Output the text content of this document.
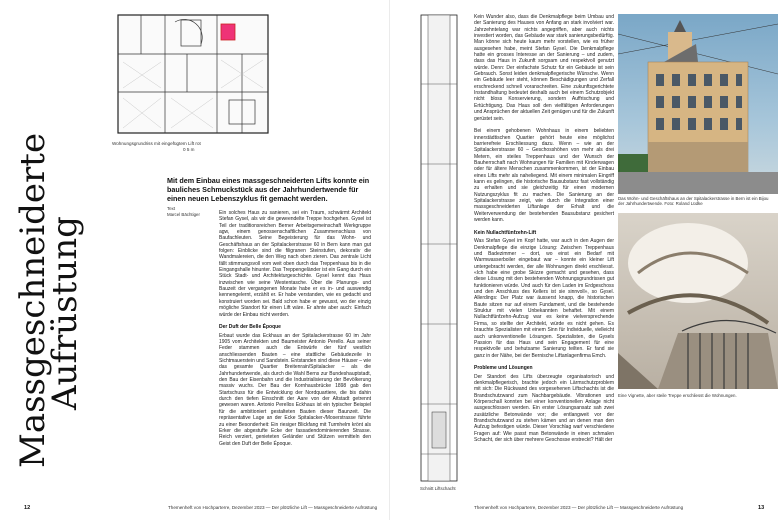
Wohnungsgrundriss mit eingefügtem Lift rot
0 5 m
Massgeschneiderte
Aufrüstung
Mit dem Einbau eines massgeschneiderten Lifts konnte ein bauliches Schmuckstück aus der Jahrhundertwende für einen neuen Lebenszyklus fit gemacht werden.
Text
Marcel Bächtiger	Ein solches Haus zu sanieren, sei ein Traum, schwärmt Architekt Stefan Gysel, als wir die geweendelte Treppe hochgehen. Gysel ist Teil der traditionsreichen Berner Arbeitsgemeinschaft Werkgruppe agw, einem genossenschaftlichen Zusammenschluss von Baufachleuten. Seine Begeisterung für das Wohn- und Geschäftshaus an der Spitalackerstrasse 60 in Bern kann man gut folgen: Einblicke sind die filigranen Steinstufen, dekorativ die Wandmalereien, die den Weg nach oben zieren. Das zentrale Licht fällt stimmungsvoll vom weit oben durch das Treppenhaus bis in die Eingangshalle hinunter. Das Treppengeländer ist ein Gang durch ein Stück Stadt- und Architekturgeschichte. Gysel kennt das Haus inzwischen wie seine Westentasche. Über die Planungs- und Bauzeit der vergangenen Monate habe er es in- und auswendig kennengelernt, erzählt er. Er habe verstanden, wie es gedacht und konstruiert worden sei. Bald schon habe er gewusst, wo der einzig mögliche Standort für einen Lift wäre. Er ahnte aber auch: Einfach würde der Einbau nicht werden.

Der Duft der Belle Époque

Erbaut wurde das Eckhaus an der Spitalackerstrasse 60 im Jahr 1905 vom Architekten und Baumeister Antonio Perello. Aus seiner Feder stammen auch die Entwürfe der fünf westlich anschliessenden Bauten – eine stattliche Gebäudezeile in Sichtmauerstein und Sandstein. Entstanden sind diese Häuser – wie das gesamte Quartier Breitenrain/Spitalacker – als die Jahrhundertwende, als durch die Wahl Berns zur Bundeshauptstadt, den Bau der Eisenbahn und die Industrialisierung der Bevölkerung massiv wuchs. Der Bau der Kornhausbrücke 1898 gab den Startschuss für die Entwicklung der Nordquartiere, die bis dahin durch den tiefen Einschnitt der Aare von der Altstadt getrennt gewesen waren. Antonio Perellos Eckhaus ist ein typischer Beispiel für die ambitioniert gestalteten Bauten dieser Baunzeit. Die repräsentative Lage an der Ecke Spitalacker-/Moserstrasse führte zu einer Besonderheit: Ein riesiger Blickfang mit Turmhelm krönt als Erker die abgestufte Ecke der fassadendominierenden Strasse. Reich verziert, genieteten Geländer und Stützen vermitteln den Geist den Duft der Belle Époque.

12	Themenheft von Hochparterre, Dezember 2023 — Der plötzliche Lift — Massgeschneiderte Aufrüstung
Schnitt Liftschacht

Kein Wunder also, dass die Denkmalpflege beim Umbau und der Sanierung des Hauses von Anfang an stark involviert war. Jahrzehntelang war nichts angegriffen, aber auch nichts investiert worden, das Gebäude war stark sanierungsbedürftig. Man könne sich heute kaum mehr vorstellen, wie es früher ausgesehen habe, meint Stefan Gysel. Die Denkmalpflege hatte ein grosses Interesse an der Sanierung – und zudem, dass das Haus in Zukunft sorgsam und respektvoll genutzt würde. Denn: Der einfachste Schutz für ein Gebäude ist sein Gebrauch. Sonst leiden denkmalpflegerische Wünsche. Wenn ein Gebäude leer steht, können Beschädigungen und Zerfall erschreckend schnell voranschreiten. Eine zukunftsgerichtete Instandhaltung bedeutet deshalb auch bei einem Schutzobjekt nicht bloss Konservierung, sondern Auffrischung und Ertüchtigung. Das Haus soll den vielfältigen Anforderungen und Ansprüchen der aktuellen Zeit genügen und für die Zukunft gerüstet sein.

Bei einem gehobenen Wohnhaus in einem beliebten innerstädtischen Quartier gehört heute eine möglichst barrierefreie Erschliessung dazu. Wenn – wie an der Spitalackerstrasse 60 – Geschosshöhen von mehr als drei Metern, ein steiles Treppenhaus und der Wunsch der Bauherrschaft nach Wohnungen für Familien mit Kinderwagen oder für ältere Menschen zusammenkommen, ist der Einbau eines Lifts mehr als naheliegend. Mit einem minimalen Eingriff kann es gelingen, die historische Bausubstanz fast vollständig zu erhalten und sie gleichzeitig für einen modernen Nutzungszyklus fit zu machen. Die Sanierung an der Spitalackerstrasse zeigt, wie durch die Integration einer massgeschneiderten Liftanlage der Erhalt und die Weiterverwendung der bestehenden Bausubstanz gesichert werden kann.

Kein Nullachtfünfzehn-Lift

Was Stefan Gysel im Kopf hatte, war auch in den Augen der Denkmalpflege die einzige Lösung: Zwischen Treppenhaus und Badezimmer – dort, wo einst ein Bedarf mit Warmwasserboiler eingebaut war – konnte ein kleiner Lift untergebracht werden, der alle Wohnungen direkt erschliesst. «Ich habe eine grobe Skizze gemacht und gesehen, dass diese Lösung mit den bestehenden Wohnungsgrundrissen gut funktionieren würde. Und auch für den Laden im Erdgeschoss und den Anschluss des Kellers ist sie sinnvoll», so Gysel. Allerdings: Der Platz war äusserst knapp, die historischen Baute sitzen nur auf einem Fundament, und die bestehende Struktur mit vielen Unbekannten behaftet. Mit einem Nullachtfünfzehn-Aufzug war es keine vielversprechende Firma, so stellte der Architekt, würde es nicht gehen. Es brauchte Spezialisten mit einem Sinn für Individuelle, vielleicht auch unkonventionelle Lösungen. Spezialisten, die Gysels Passion für das Haus und sein Engagement für eine respektvolle und behutsame Sanierung teilten. Er fand sie ganz in der Nähe, bei der Bernische Liftanlagenfirma Emch.

Probleme und Lösungen

Der Standort des Lifts überzeugte organisatorisch und denkmalpflegerisch, brachte jedoch ein Lärmschutzproblem mit sich: Die Rückwand des vorgesehenen Liftschachts ist die Brandschutzwand zum Nachbargebäude. Vibrationen und Körperschall konnten bei einer konventionellen Anlage nicht ausgeschlossen werden. Ein erster Lösungsansatz sah zwei zusätzliche Betonwände vor; die entlangweit vor der Brandschutzwand zu stehen kämen und an denen man den Aufzug befestigen würde. Dieser Vorschlag warf verschiedene Fragen auf: Wie passt man Betonwände in einen schmalen Schacht, der sich über mehrere Geschosse erstreckt? Hält der

Das Wohn- und Geschäftshaus an der Spitalackerstrasse in Bern ist ein Bijou der Jahrhundertwende. Foto: Roland Lüdke
Eine Vignette, aber steile Treppe erschliesst die Wohnungen.
Themenheft von Hochparterre, Dezember 2023 — Der plötzliche Lift — Massgeschneiderte Aufrüstung	13
